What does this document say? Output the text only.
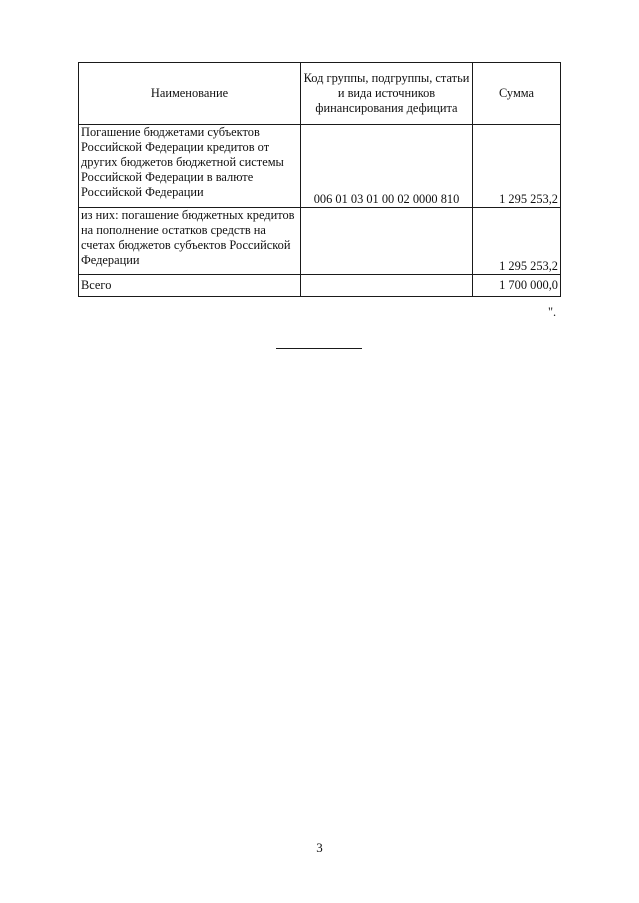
Наименование	Код группы, подгруппы, статьи и вида источников финансирования дефицита	Сумма
Погашение бюджетами субъектов Российской Федерации кредитов от других бюджетов бюджетной системы Российской Федерации в валюте Российской Федерации	006 01 03 01 00 02 0000 810	1 295 253,2
из них: погашение бюджетных кредитов на пополнение остатков средств на счетах бюджетов субъектов Российской Федерации		1 295 253,2
Всего		1 700 000,0
".
3
